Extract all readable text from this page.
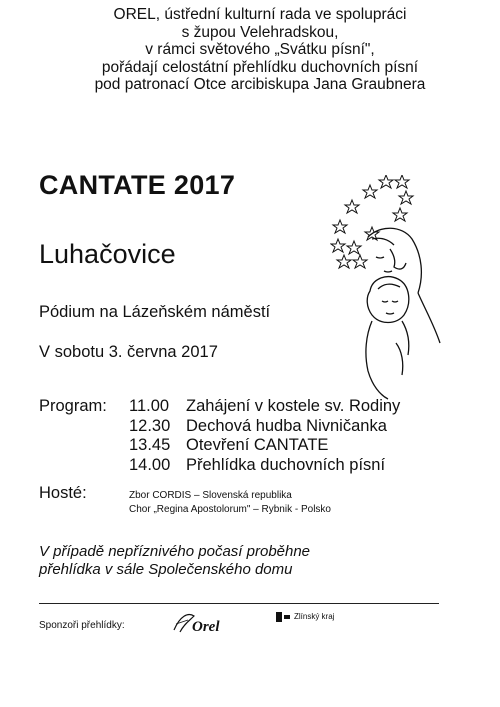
OREL, ústřední kulturní rada ve spolupráci
s župou Velehradskou,
v rámci světového „Svátku písní",
pořádají celostátní přehlídku duchovních písní
pod patronací Otce arcibiskupa Jana Graubnera
CANTATE 2017
Luhačovice
Pódium na Lázeňském náměstí
V sobotu 3. června 2017
Program: 11.00 Zahájení v kostele sv. Rodiny
12.30 Dechová hudba Nivničanka
13.45 Otevření CANTATE
14.00 Přehlídka duchovních písní
Hosté:	Zbor CORDIS – Slovenská republika
Chor „Regina Apostolorum" – Rybnik - Polsko
V případě nepříznivého počasí proběhne
přehlídka v sále Společenského domu
Sponzoři přehlídky:	Orel
Zlínský kraj
